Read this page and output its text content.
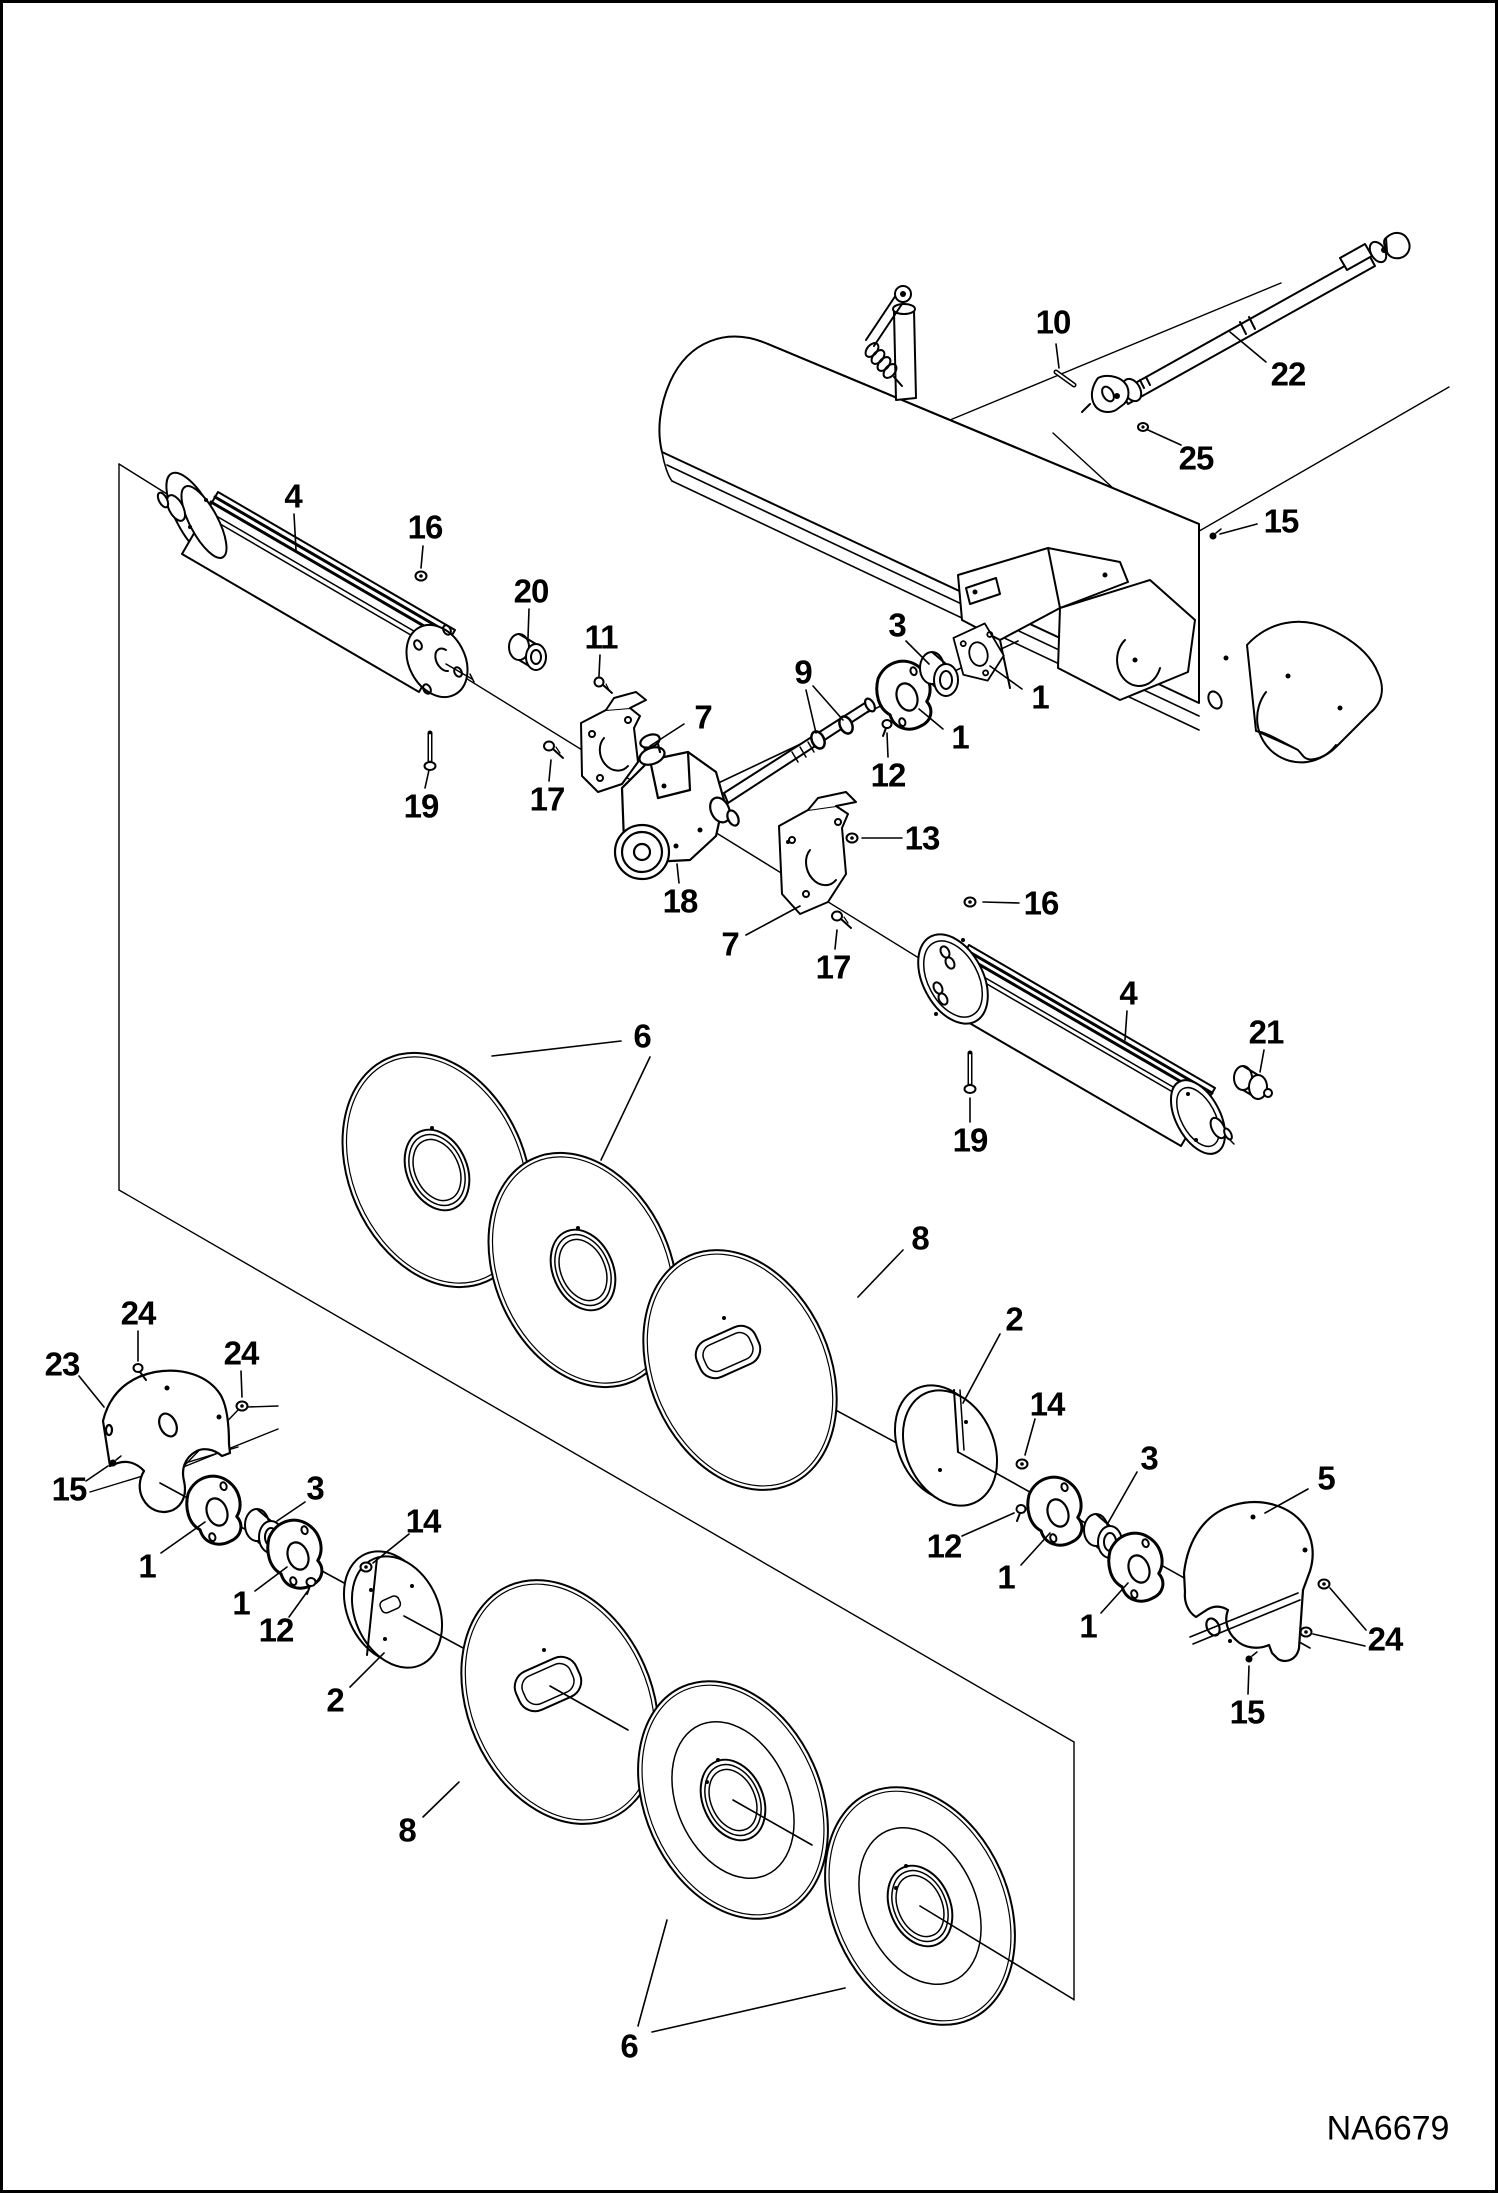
10
22
25
15
4
16
20
11
7
17
19
18
3
9
1
1
12
13
7
17
16
4
21
19
6
8
2
14
24
24
23
15
1
3
1
12
14
2
12
1
3
1
5
24
15
8
6
NA6679
